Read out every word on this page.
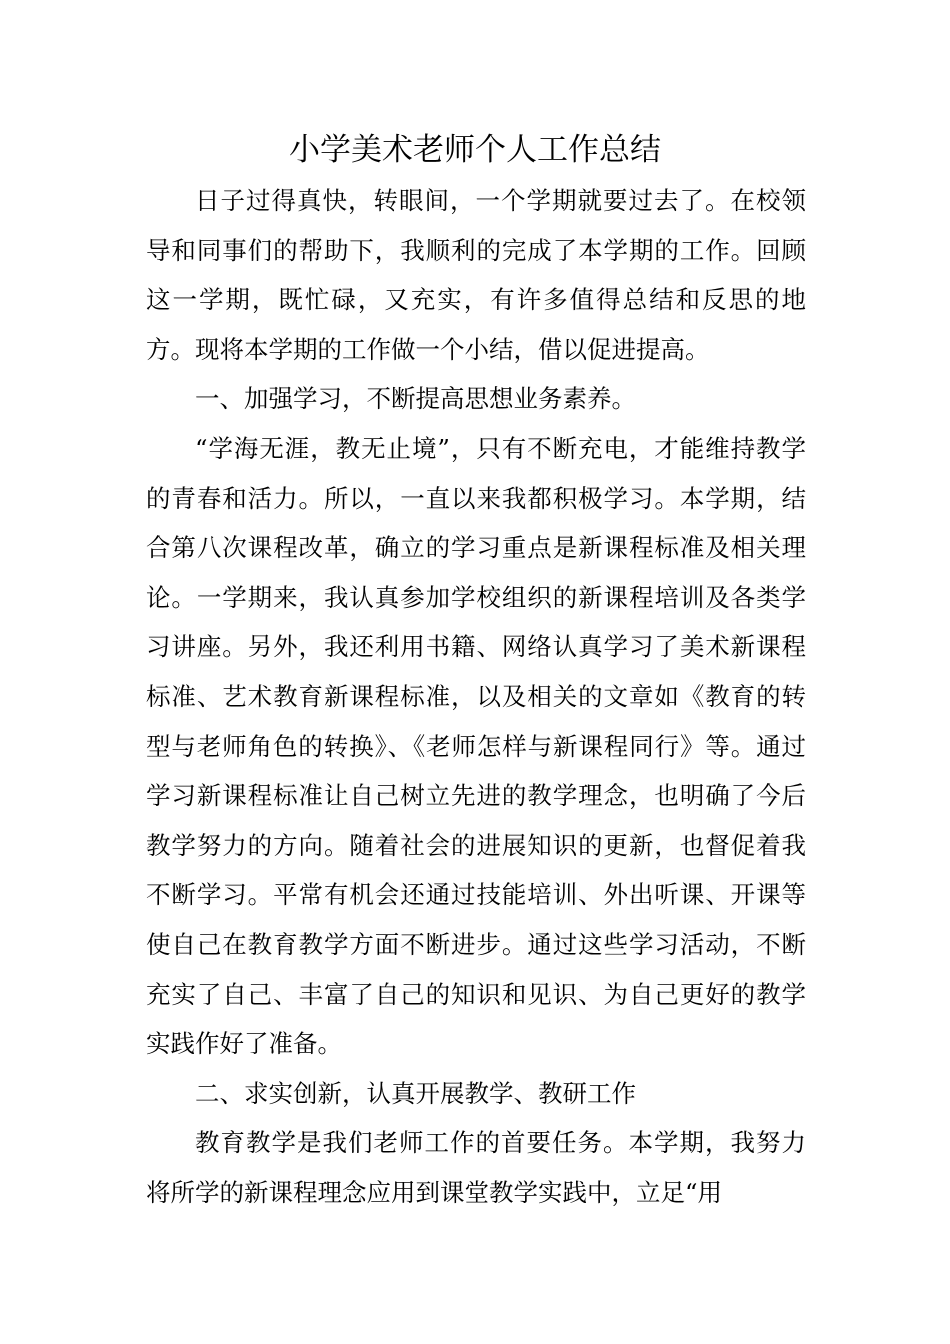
小学美术老师个人工作总结

日子过得真快，转眼间，一个学期就要过去了。在校领导和同事们的帮助下，我顺利的完成了本学期的工作。回顾这一学期，既忙碌，又充实，有许多值得总结和反思的地方。现将本学期的工作做一个小结，借以促进提高。

一、加强学习，不断提高思想业务素养。

“学海无涯，教无止境”，只有不断充电，才能维持教学的青春和活力。所以，一直以来我都积极学习。本学期，结合第八次课程改革，确立的学习重点是新课程标准及相关理论。一学期来，我认真参加学校组织的新课程培训及各类学习讲座。另外，我还利用书籍、网络认真学习了美术新课程标准、艺术教育新课程标准，以及相关的文章如《教育的转型与老师角色的转换》、《老师怎样与新课程同行》等。通过学习新课程标准让自己树立先进的教学理念，也明确了今后教学努力的方向。随着社会的进展知识的更新，也督促着我不断学习。平常有机会还通过技能培训、外出听课、开课等使自己在教育教学方面不断进步。通过这些学习活动，不断充实了自己、丰富了自己的知识和见识、为自己更好的教学实践作好了准备。

二、求实创新，认真开展教学、教研工作

教育教学是我们老师工作的首要任务。本学期，我努力将所学的新课程理念应用到课堂教学实践中，立足“用
